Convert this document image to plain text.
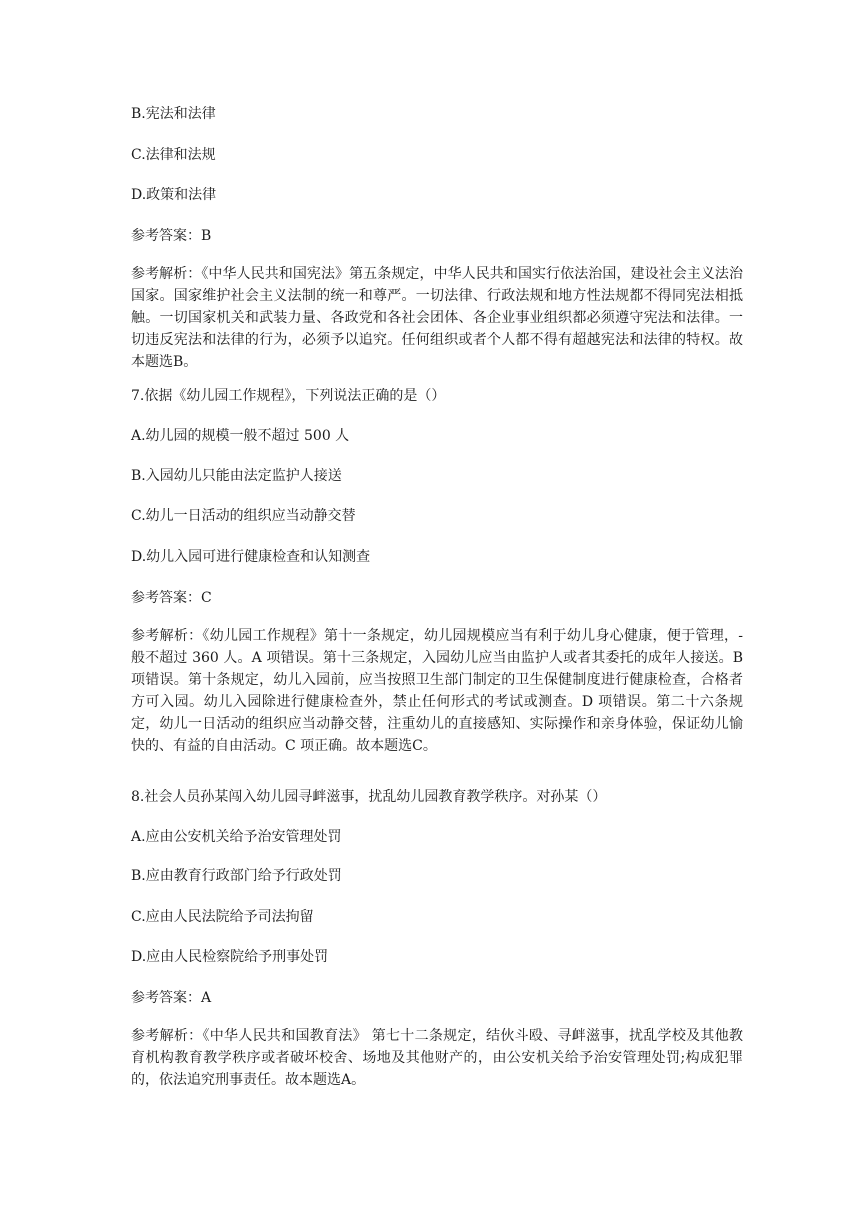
B.宪法和法律
C.法律和法规
D.政策和法律
参考答案：B
参考解析：《中华人民共和国宪法》第五条规定，中华人民共和国实行依法治国，建设社会主义法治国家。国家维护社会主义法制的统一和尊严。一切法律、行政法规和地方性法规都不得同宪法相抵触。一切国家机关和武装力量、各政党和各社会团体、各企业事业组织都必须遵守宪法和法律。一切违反宪法和法律的行为，必须予以追究。任何组织或者个人都不得有超越宪法和法律的特权。故本题选B。
7.依据《幼儿园工作规程》，下列说法正确的是（）
A.幼儿园的规模一般不超过 500 人
B.入园幼儿只能由法定监护人接送
C.幼儿一日活动的组织应当动静交替
D.幼儿入园可进行健康检查和认知测查
参考答案：C
参考解析：《幼儿园工作规程》第十一条规定，幼儿园规模应当有利于幼儿身心健康，便于管理，-般不超过 360 人。A 项错误。第十三条规定，入园幼儿应当由监护人或者其委托的成年人接送。B 项错误。第十条规定，幼儿入园前，应当按照卫生部门制定的卫生保健制度进行健康检查，合格者方可入园。幼儿入园除进行健康检查外，禁止任何形式的考试或测查。D 项错误。第二十六条规定，幼儿一日活动的组织应当动静交替，注重幼儿的直接感知、实际操作和亲身体验，保证幼儿愉快的、有益的自由活动。C 项正确。故本题选C。
8.社会人员孙某闯入幼儿园寻衅滋事，扰乱幼儿园教育教学秩序。对孙某（）
A.应由公安机关给予治安管理处罚
B.应由教育行政部门给予行政处罚
C.应由人民法院给予司法拘留
D.应由人民检察院给予刑事处罚
参考答案：A
参考解析：《中华人民共和国教育法》 第七十二条规定，结伙斗殴、寻衅滋事，扰乱学校及其他教育机构教育教学秩序或者破坏校舍、场地及其他财产的，由公安机关给予治安管理处罚;构成犯罪的，依法追究刑事责任。故本题选A。
